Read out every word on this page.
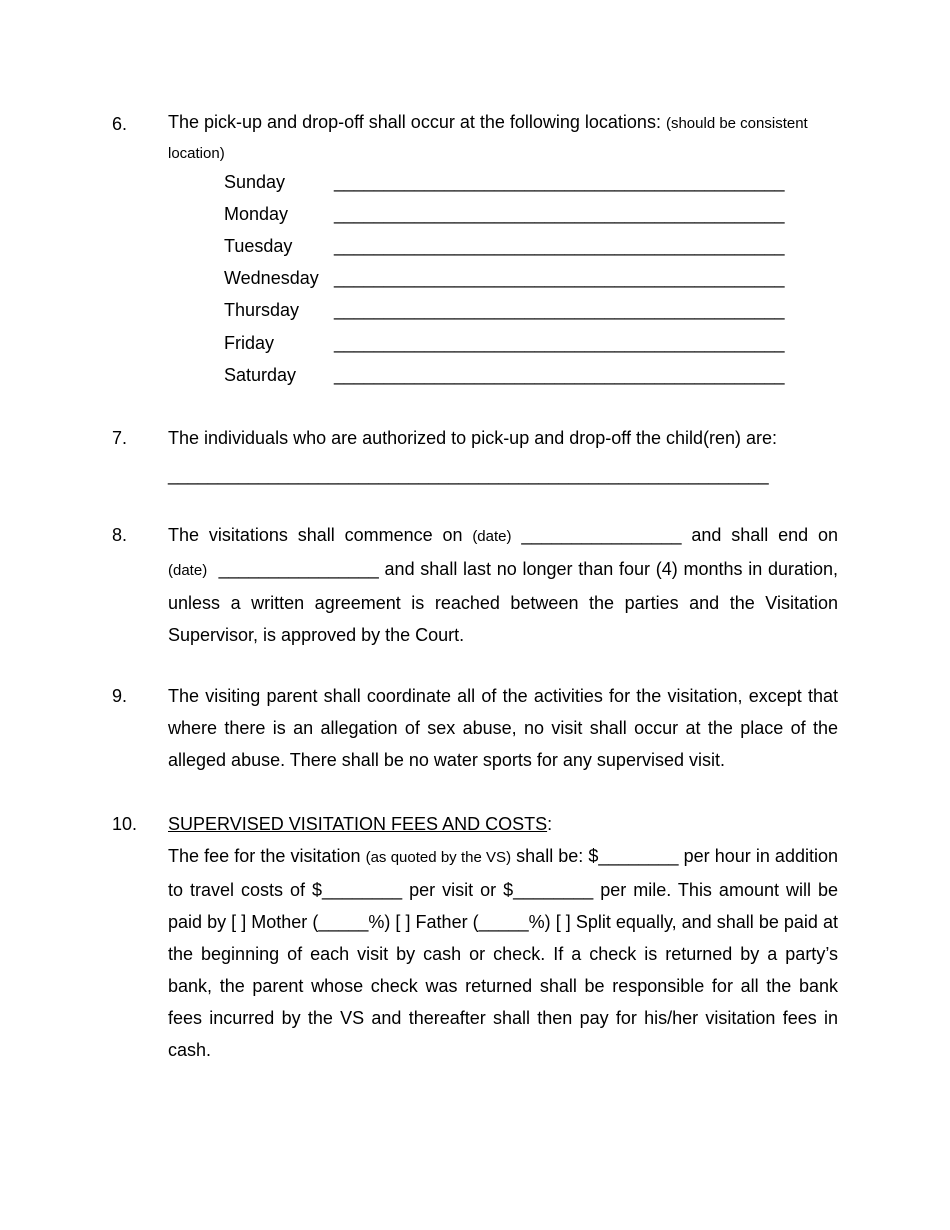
6. The pick-up and drop-off shall occur at the following locations: (should be consistent
location)
Sunday	_____________________________________________
Monday	_____________________________________________
Tuesday _____________________________________________
Wednesday _____________________________________________
Thursday _____________________________________________
Friday	_____________________________________________
Saturday _____________________________________________
7. The individuals who are authorized to pick-up and drop-off the child(ren) are:
____________________________________________________________
8. The visitations shall commence on (date) ________________ and shall end on (date) ________________ and shall last no longer than four (4) months in duration, unless a written agreement is reached between the parties and the Visitation Supervisor, is approved by the Court.
9. The visiting parent shall coordinate all of the activities for the visitation, except that where there is an allegation of sex abuse, no visit shall occur at the place of the alleged abuse. There shall be no water sports for any supervised visit.
10. SUPERVISED VISITATION FEES AND COSTS:
The fee for the visitation (as quoted by the VS) shall be: $________ per hour in addition to travel costs of $________ per visit or $________ per mile. This amount will be paid by [ ] Mother (_____%) [ ] Father (_____%) [ ] Split equally, and shall be paid at the beginning of each visit by cash or check. If a check is returned by a party’s bank, the parent whose check was returned shall be responsible for all the bank fees incurred by the VS and thereafter shall then pay for his/her visitation fees in cash.
